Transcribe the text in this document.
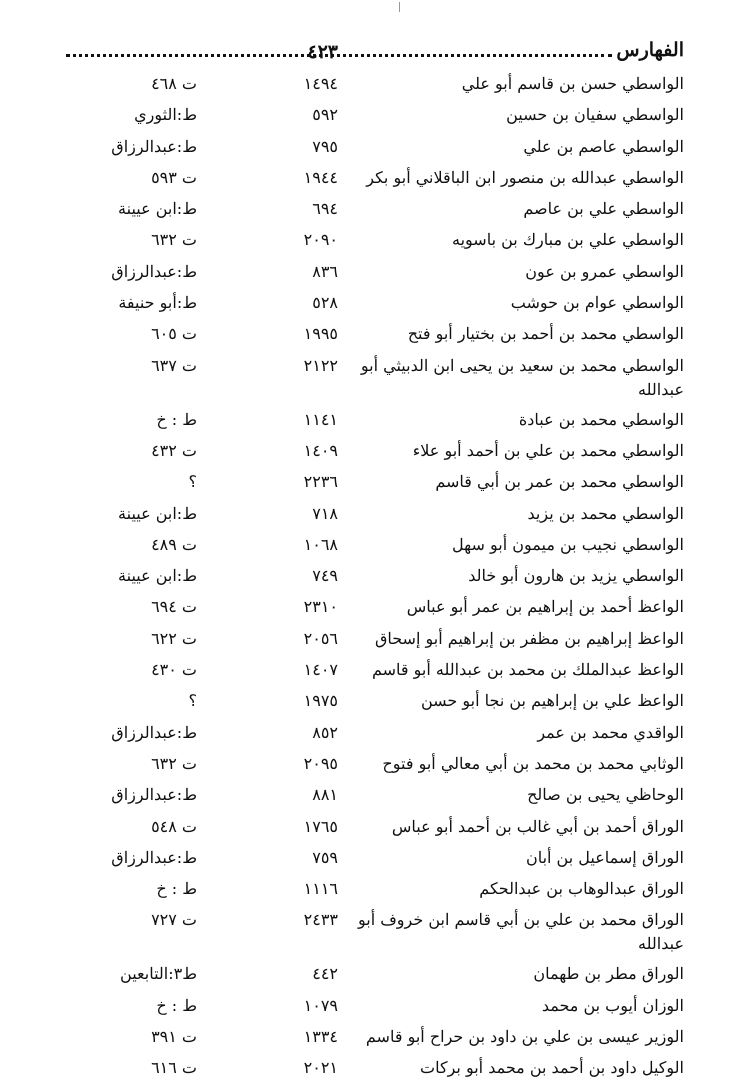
الفهارس
٤٢٣
الواسطي حسن بن قاسم أبو علي
١٤٩٤
ت ٤٦٨
الواسطي سفيان بن حسين
٥٩٢
ط:الثوري
الواسطي عاصم بن علي
٧٩٥
ط:عبدالرزاق
الواسطي عبدالله بن منصور ابن الباقلاني أبو بكر
١٩٤٤
ت ٥٩٣
الواسطي علي بن عاصم
٦٩٤
ط:ابن عيينة
الواسطي علي بن مبارك بن باسويه
٢٠٩٠
ت ٦٣٢
الواسطي عمرو بن عون
٨٣٦
ط:عبدالرزاق
الواسطي عوام بن حوشب
٥٢٨
ط:أبو حنيفة
الواسطي محمد بن أحمد بن بختيار أبو فتح
١٩٩٥
ت ٦٠٥
الواسطي محمد بن سعيد بن يحيى ابن الدبيثي أبو عبدالله
٢١٢٢
ت ٦٣٧
الواسطي محمد بن عبادة
١١٤١
ط : خ
الواسطي محمد بن علي بن أحمد أبو علاء
١٤٠٩
ت ٤٣٢
الواسطي محمد بن عمر بن أبي قاسم
٢٢٣٦
؟
الواسطي محمد بن يزيد
٧١٨
ط:ابن عيينة
الواسطي نجيب بن ميمون أبو سهل
١٠٦٨
ت ٤٨٩
الواسطي يزيد بن هارون أبو خالد
٧٤٩
ط:ابن عيينة
الواعظ أحمد بن إبراهيم بن عمر أبو عباس
٢٣١٠
ت ٦٩٤
الواعظ إبراهيم بن مظفر بن إبراهيم أبو إسحاق
٢٠٥٦
ت ٦٢٢
الواعظ عبدالملك بن محمد بن عبدالله أبو قاسم
١٤٠٧
ت ٤٣٠
الواعظ علي بن إبراهيم بن نجا أبو حسن
١٩٧٥
؟
الواقدي محمد بن عمر
٨٥٢
ط:عبدالرزاق
الوثابي محمد بن محمد بن أبي معالي أبو فتوح
٢٠٩٥
ت ٦٣٢
الوحاظي يحيى بن صالح
٨٨١
ط:عبدالرزاق
الوراق أحمد بن أبي غالب بن أحمد أبو عباس
١٧٦٥
ت ٥٤٨
الوراق إسماعيل بن أبان
٧٥٩
ط:عبدالرزاق
الوراق عبدالوهاب بن عبدالحكم
١١١٦
ط : خ
الوراق محمد بن علي بن أبي قاسم ابن خروف أبو عبدالله
٢٤٣٣
ت ٧٢٧
الوراق مطر بن طهمان
٤٤٢
ط٣:التابعين
الوزان أيوب بن محمد
١٠٧٩
ط : خ
الوزير عيسى بن علي بن داود بن حراح أبو قاسم
١٣٣٤
ت ٣٩١
الوكيل داود بن أحمد بن محمد أبو بركات
٢٠٢١
ت ٦١٦
